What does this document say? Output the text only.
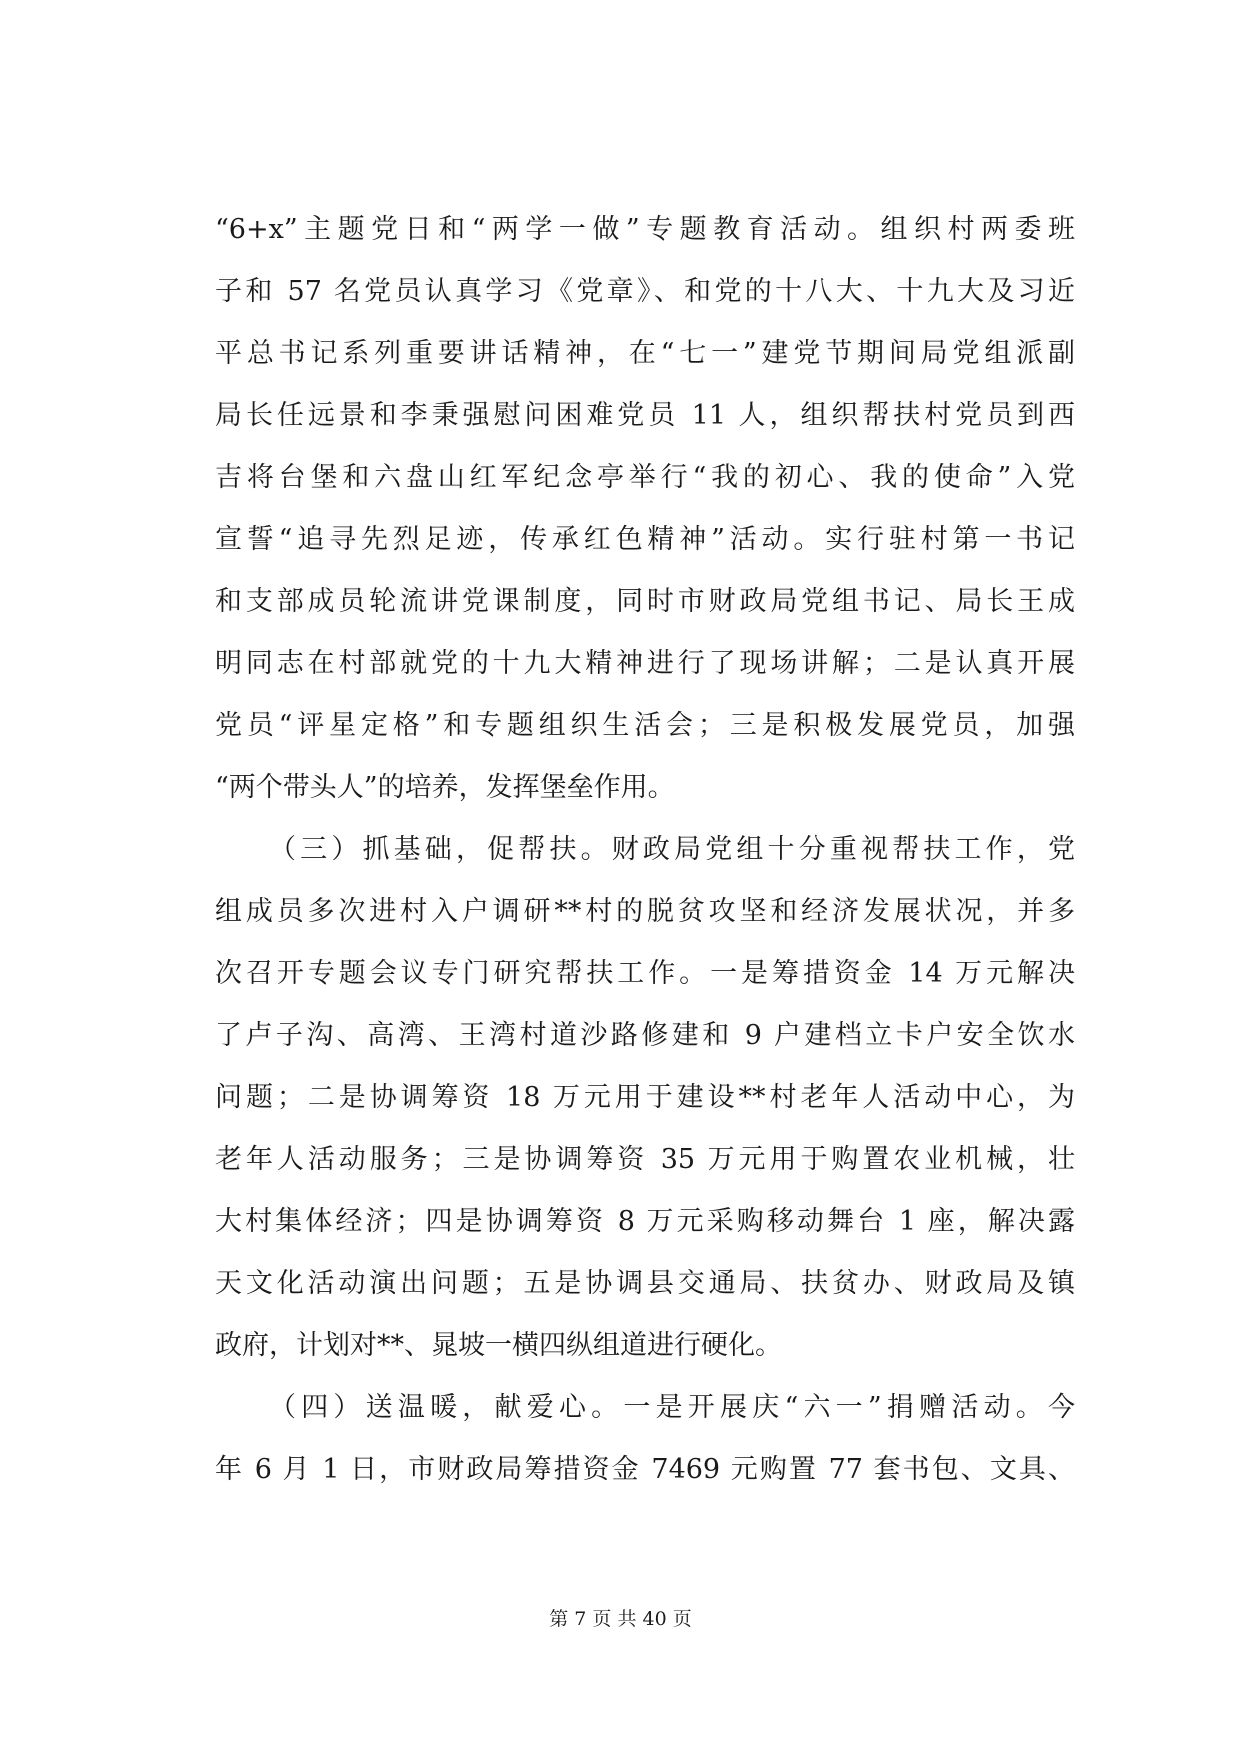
“6+x”主题党日和“两学一做”专题教育活动。组织村两委班
子和 57 名党员认真学习《党章》、和党的十八大、十九大及习近
平总书记系列重要讲话精神，在“七一”建党节期间局党组派副
局长任远景和李秉强慰问困难党员 11 人，组织帮扶村党员到西
吉将台堡和六盘山红军纪念亭举行“我的初心、我的使命”入党
宣誓“追寻先烈足迹，传承红色精神”活动。实行驻村第一书记
和支部成员轮流讲党课制度，同时市财政局党组书记、局长王成
明同志在村部就党的十九大精神进行了现场讲解；二是认真开展
党员“评星定格”和专题组织生活会；三是积极发展党员，加强
“两个带头人”的培养，发挥堡垒作用。
（三）抓基础，促帮扶。财政局党组十分重视帮扶工作，党
组成员多次进村入户调研**村的脱贫攻坚和经济发展状况，并多
次召开专题会议专门研究帮扶工作。一是筹措资金 14 万元解决
了卢子沟、高湾、王湾村道沙路修建和 9 户建档立卡户安全饮水
问题；二是协调筹资 18 万元用于建设**村老年人活动中心，为
老年人活动服务；三是协调筹资 35 万元用于购置农业机械，壮
大村集体经济；四是协调筹资 8 万元采购移动舞台 1 座，解决露
天文化活动演出问题；五是协调县交通局、扶贫办、财政局及镇
政府，计划对**、晁坡一横四纵组道进行硬化。
（四）送温暖，献爱心。一是开展庆“六一”捐赠活动。今
年 6 月 1 日，市财政局筹措资金 7469 元购置 77 套书包、文具、
第 7 页 共 40 页
